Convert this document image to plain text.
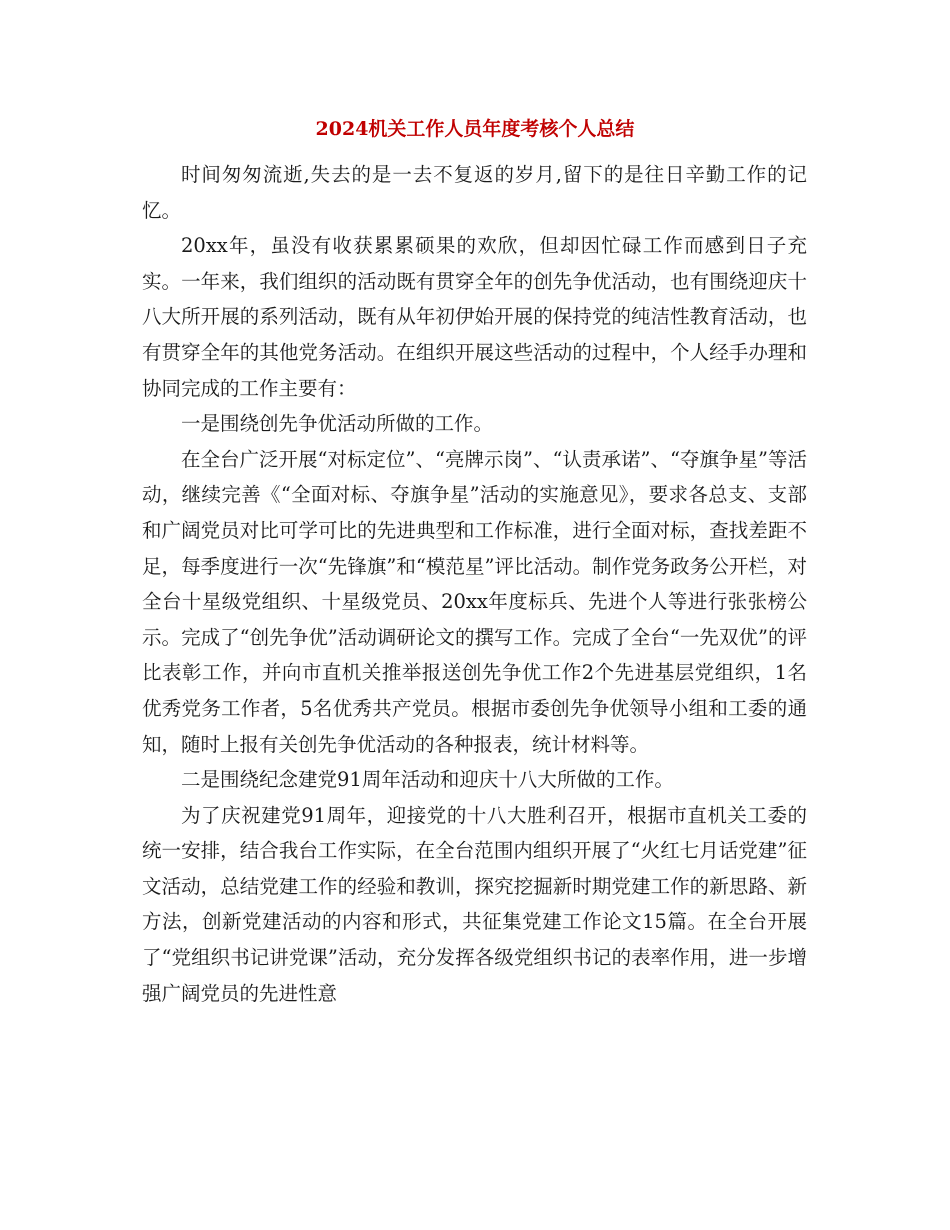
2024机关工作人员年度考核个人总结

时间匆匆流逝,失去的是一去不复返的岁月,留下的是往日辛勤工作的记忆。

20xx年，虽没有收获累累硕果的欢欣，但却因忙碌工作而感到日子充实。一年来，我们组织的活动既有贯穿全年的创先争优活动，也有围绕迎庆十八大所开展的系列活动，既有从年初伊始开展的保持党的纯洁性教育活动，也有贯穿全年的其他党务活动。在组织开展这些活动的过程中，个人经手办理和协同完成的工作主要有：

一是围绕创先争优活动所做的工作。

在全台广泛开展“对标定位”、“亮牌示岗”、“认责承诺”、“夺旗争星”等活动，继续完善《“全面对标、夺旗争星”活动的实施意见》，要求各总支、支部和广阔党员对比可学可比的先进典型和工作标准，进行全面对标，查找差距不足，每季度进行一次“先锋旗”和“模范星”评比活动。制作党务政务公开栏，对全台十星级党组织、十星级党员、20xx年度标兵、先进个人等进行张张榜公示。完成了“创先争优”活动调研论文的撰写工作。完成了全台“一先双优”的评比表彰工作，并向市直机关推举报送创先争优工作2个先进基层党组织，1名优秀党务工作者，5名优秀共产党员。根据市委创先争优领导小组和工委的通知，随时上报有关创先争优活动的各种报表，统计材料等。

二是围绕纪念建党91周年活动和迎庆十八大所做的工作。

为了庆祝建党91周年，迎接党的十八大胜利召开，根据市直机关工委的统一安排，结合我台工作实际，在全台范围内组织开展了“火红七月话党建”征文活动，总结党建工作的经验和教训，探究挖掘新时期党建工作的新思路、新方法，创新党建活动的内容和形式，共征集党建工作论文15篇。在全台开展了“党组织书记讲党课”活动，充分发挥各级党组织书记的表率作用，进一步增强广阔党员的先进性意
